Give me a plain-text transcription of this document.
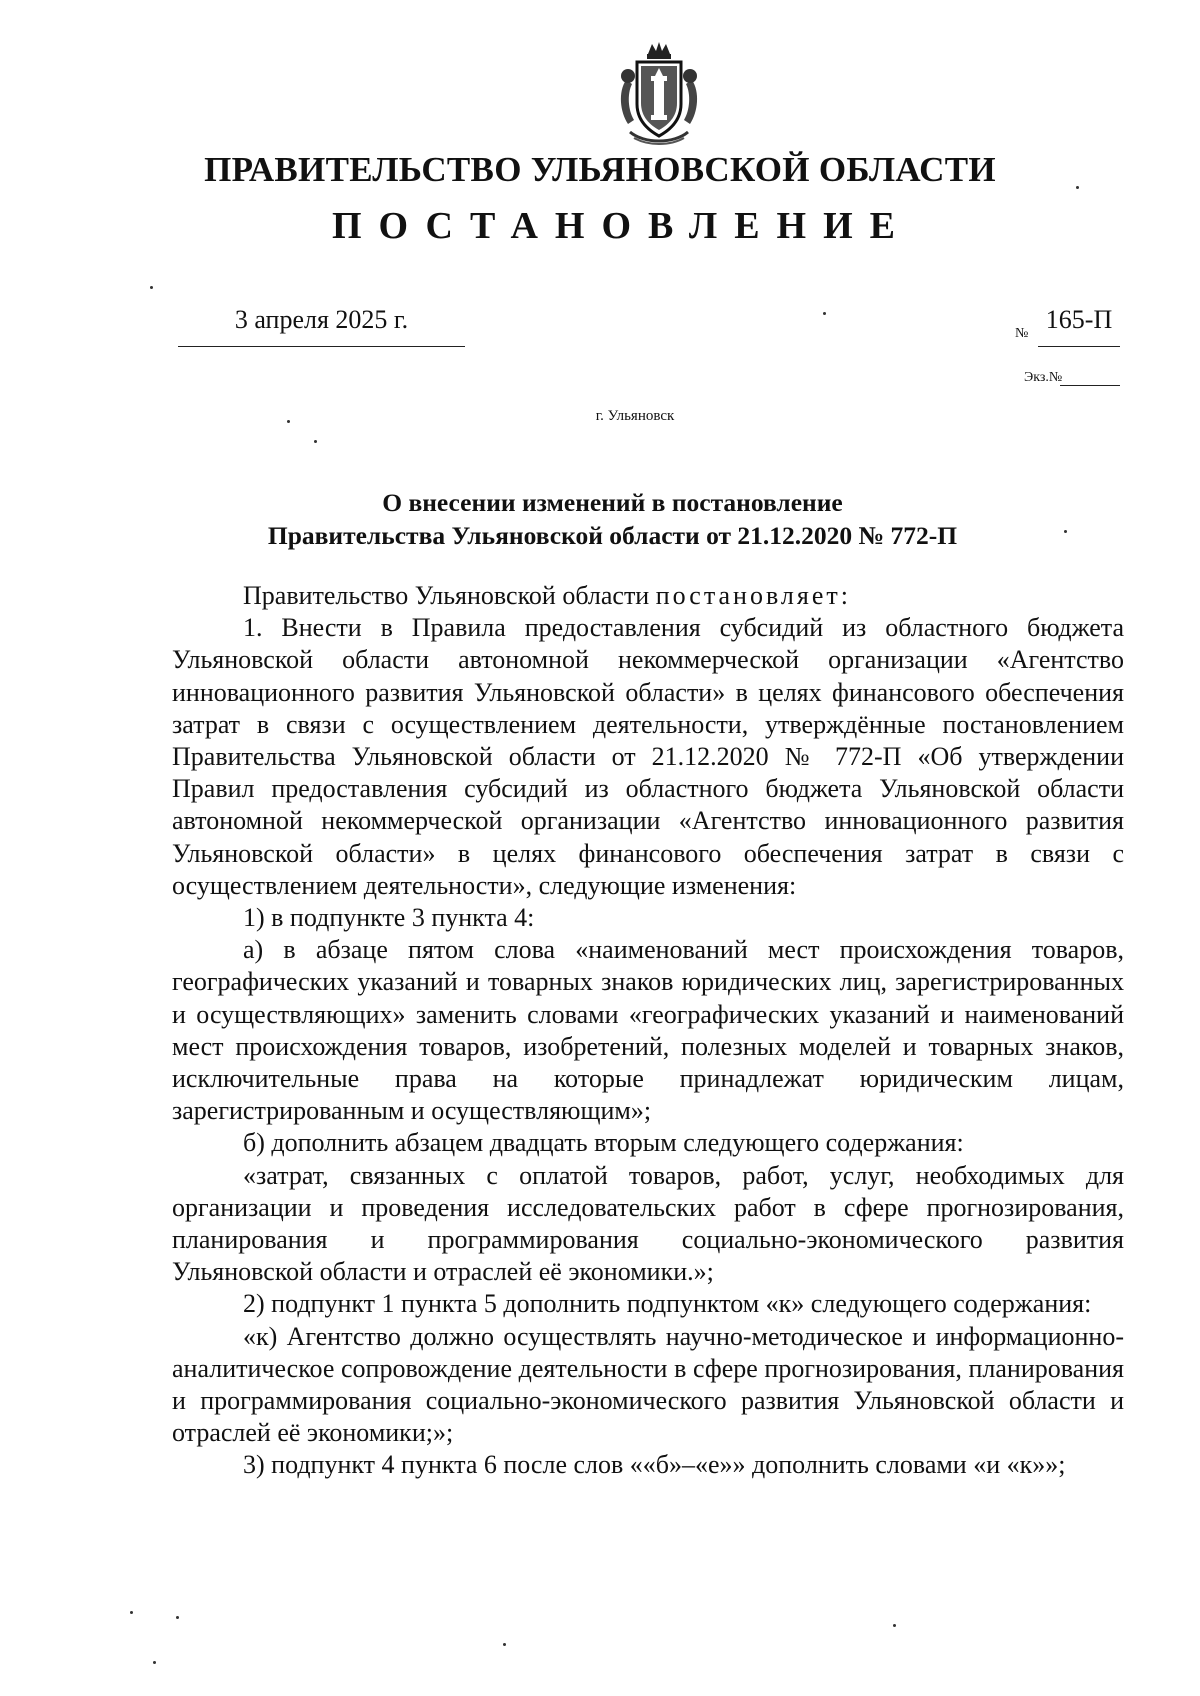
ПРАВИТЕЛЬСТВО УЛЬЯНОВСКОЙ ОБЛАСТИ
ПОСТАНОВЛЕНИЕ
3 апреля 2025 г.	№ 165-П
Экз.№
г. Ульяновск
О внесении изменений в постановление
Правительства Ульяновской области от 21.12.2020 № 772-П

Правительство Ульяновской области постановляет:

1. Внести в Правила предоставления субсидий из областного бюджета Ульяновской области автономной некоммерческой организации «Агентство инновационного развития Ульяновской области» в целях финансового обеспечения затрат в связи с осуществлением деятельности, утверждённые постановлением Правительства Ульяновской области от 21.12.2020 № 772-П «Об утверждении Правил предоставления субсидий из областного бюджета Ульяновской области автономной некоммерческой организации «Агентство инновационного развития Ульяновской области» в целях финансового обеспечения затрат в связи с осуществлением деятельности», следующие изменения:

1) в подпункте 3 пункта 4:

а) в абзаце пятом слова «наименований мест происхождения товаров, географических указаний и товарных знаков юридических лиц, зарегистрированных и осуществляющих» заменить словами «географических указаний и наименований мест происхождения товаров, изобретений, полезных моделей и товарных знаков, исключительные права на которые принадлежат юридическим лицам, зарегистрированным и осуществляющим»;

б) дополнить абзацем двадцать вторым следующего содержания:

«затрат, связанных с оплатой товаров, работ, услуг, необходимых для организации и проведения исследовательских работ в сфере прогнозирования, планирования и программирования социально-экономического развития Ульяновской области и отраслей её экономики.»;

2) подпункт 1 пункта 5 дополнить подпунктом «к» следующего содержания:

«к) Агентство должно осуществлять научно-методическое и информационно-аналитическое сопровождение деятельности в сфере прогнозирования, планирования и программирования социально-экономического развития Ульяновской области и отраслей её экономики;»;

3) подпункт 4 пункта 6 после слов ««б»–«е»» дополнить словами «и «к»»;
